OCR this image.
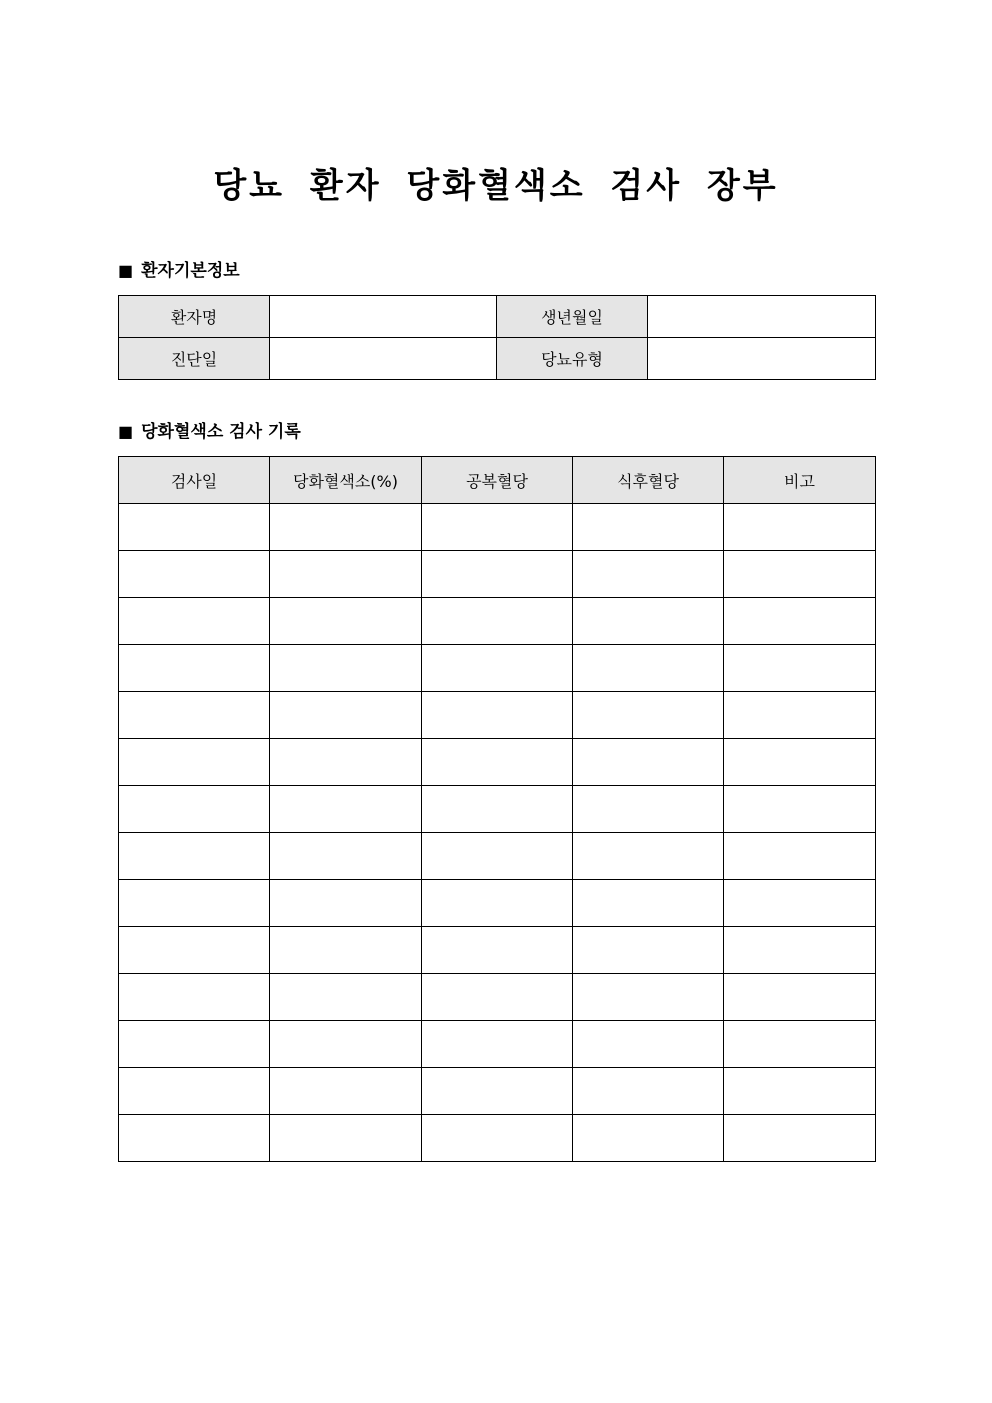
당뇨 환자 당화혈색소 검사 장부
■ 환자기본정보
환자명		생년월일	
진단일		당뇨유형	
■ 당화혈색소 검사 기록
검사일	당화혈색소(%)	공복혈당	식후혈당	비고
